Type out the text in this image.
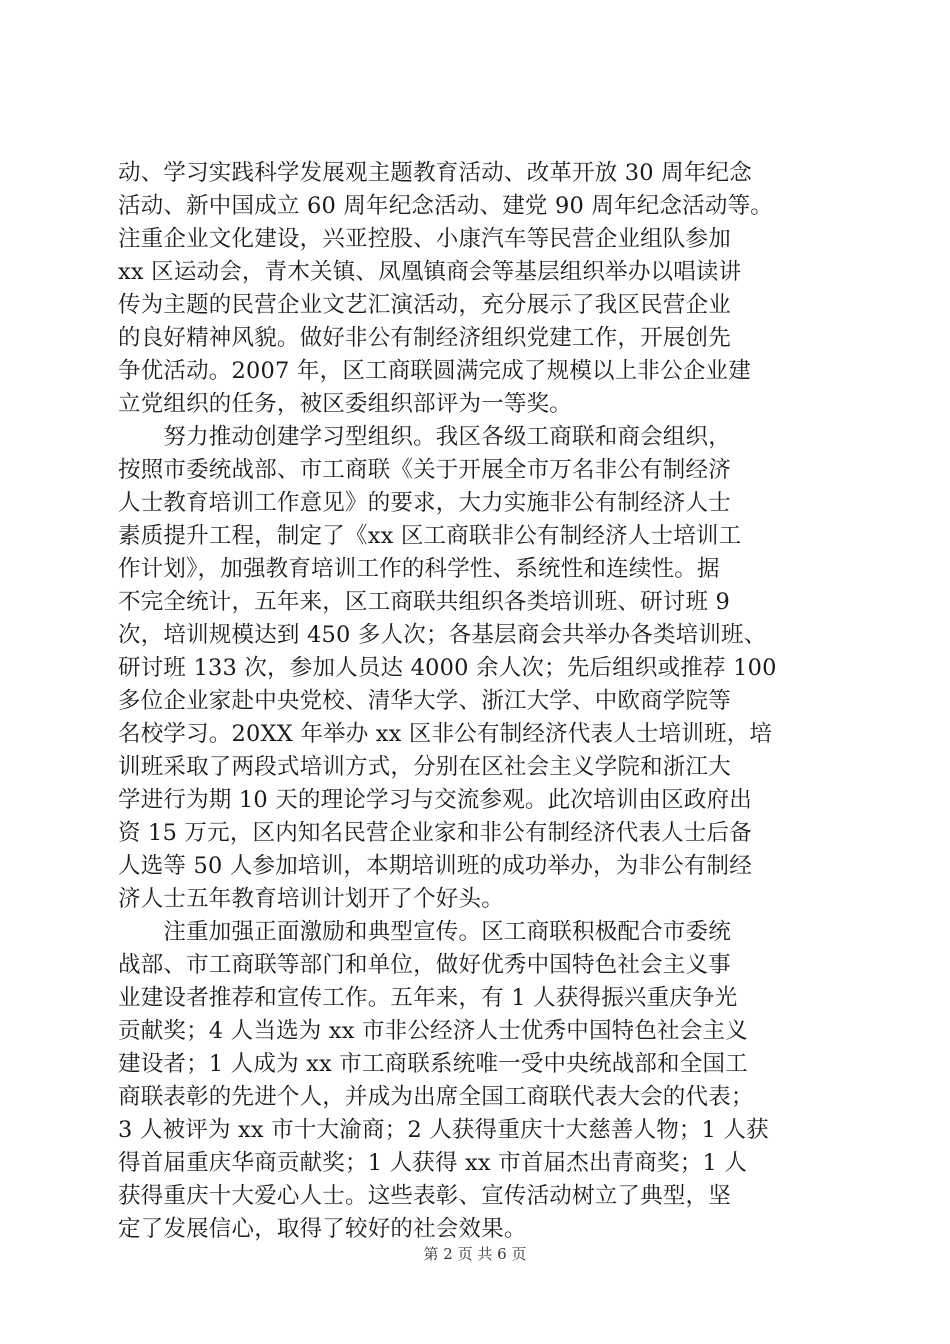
动、学习实践科学发展观主题教育活动、改革开放 30 周年纪念
活动、新中国成立 60 周年纪念活动、建党 90 周年纪念活动等。
注重企业文化建设，兴亚控股、小康汽车等民营企业组队参加
xx 区运动会，青木关镇、凤凰镇商会等基层组织举办以唱读讲
传为主题的民营企业文艺汇演活动，充分展示了我区民营企业
的良好精神风貌。做好非公有制经济组织党建工作，开展创先
争优活动。2007 年，区工商联圆满完成了规模以上非公企业建
立党组织的任务，被区委组织部评为一等奖。
　　努力推动创建学习型组织。我区各级工商联和商会组织，
按照市委统战部、市工商联《关于开展全市万名非公有制经济
人士教育培训工作意见》的要求，大力实施非公有制经济人士
素质提升工程，制定了《xx 区工商联非公有制经济人士培训工
作计划》，加强教育培训工作的科学性、系统性和连续性。据
不完全统计，五年来，区工商联共组织各类培训班、研讨班 9
次，培训规模达到 450 多人次；各基层商会共举办各类培训班、
研讨班 133 次，参加人员达 4000 余人次；先后组织或推荐 100
多位企业家赴中央党校、清华大学、浙江大学、中欧商学院等
名校学习。20XX 年举办 xx 区非公有制经济代表人士培训班，培
训班采取了两段式培训方式，分别在区社会主义学院和浙江大
学进行为期 10 天的理论学习与交流参观。此次培训由区政府出
资 15 万元，区内知名民营企业家和非公有制经济代表人士后备
人选等 50 人参加培训，本期培训班的成功举办，为非公有制经
济人士五年教育培训计划开了个好头。
　　注重加强正面激励和典型宣传。区工商联积极配合市委统
战部、市工商联等部门和单位，做好优秀中国特色社会主义事
业建设者推荐和宣传工作。五年来，有 1 人获得振兴重庆争光
贡献奖；4 人当选为 xx 市非公经济人士优秀中国特色社会主义
建设者；1 人成为 xx 市工商联系统唯一受中央统战部和全国工
商联表彰的先进个人，并成为出席全国工商联代表大会的代表；
3 人被评为 xx 市十大渝商；2 人获得重庆十大慈善人物；1 人获
得首届重庆华商贡献奖；1 人获得 xx 市首届杰出青商奖；1 人
获得重庆十大爱心人士。这些表彰、宣传活动树立了典型，坚
定了发展信心，取得了较好的社会效果。
第 2 页 共 6 页
